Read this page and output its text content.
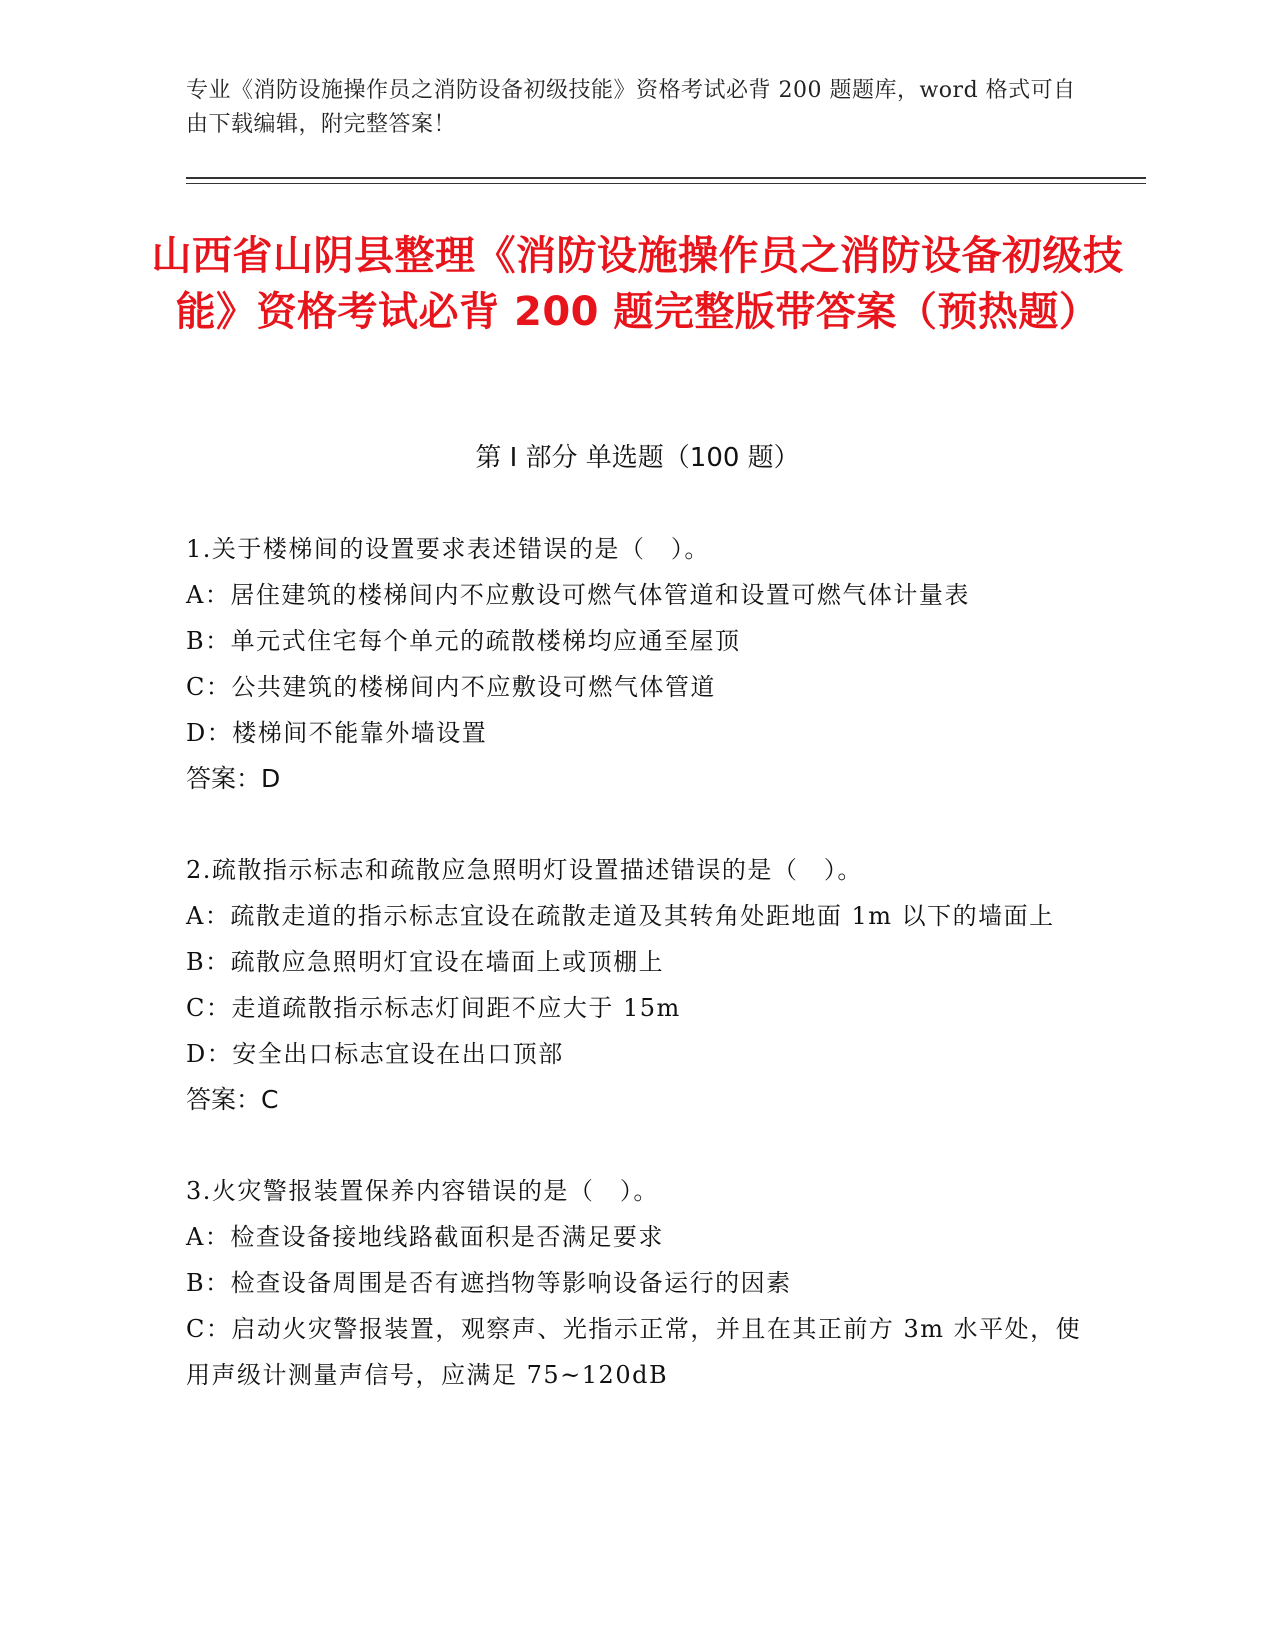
专业《消防设施操作员之消防设备初级技能》资格考试必背 200 题题库，word 格式可自由下载编辑，附完整答案！
山西省山阴县整理《消防设施操作员之消防设备初级技能》资格考试必背 200 题完整版带答案（预热题）
第 I 部分 单选题（100 题）

1.关于楼梯间的设置要求表述错误的是（　）。

A：居住建筑的楼梯间内不应敷设可燃气体管道和设置可燃气体计量表

B：单元式住宅每个单元的疏散楼梯均应通至屋顶

C：公共建筑的楼梯间内不应敷设可燃气体管道

D：楼梯间不能靠外墙设置

答案：D

2.疏散指示标志和疏散应急照明灯设置描述错误的是（　）。

A：疏散走道的指示标志宜设在疏散走道及其转角处距地面 1m 以下的墙面上

B：疏散应急照明灯宜设在墙面上或顶棚上

C：走道疏散指示标志灯间距不应大于 15m

D：安全出口标志宜设在出口顶部

答案：C

3.火灾警报装置保养内容错误的是（　）。

A：检查设备接地线路截面积是否满足要求

B：检查设备周围是否有遮挡物等影响设备运行的因素

C：启动火灾警报装置，观察声、光指示正常，并且在其正前方 3m 水平处，使用声级计测量声信号，应满足 75~120dB
